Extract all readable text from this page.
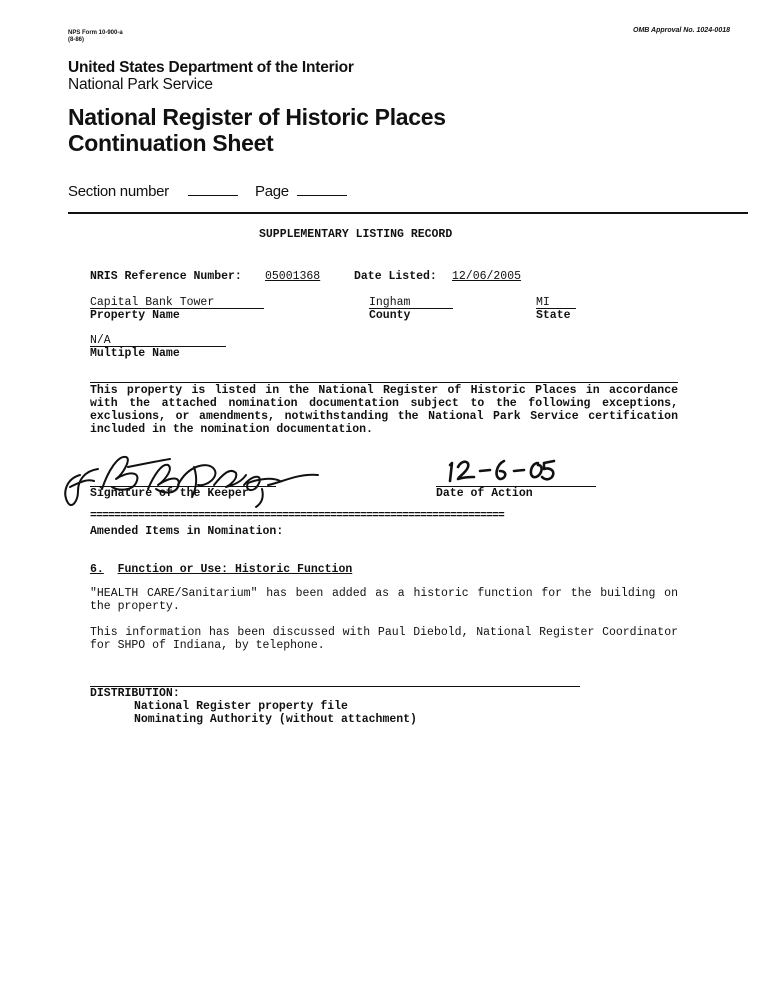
NPS Form 10-900-a
(8-86)
OMB Approval No. 1024-0018
United States Department of the Interior
National Park Service
National Register of Historic Places
Continuation Sheet
Section number	Page
SUPPLEMENTARY LISTING RECORD
NRIS Reference Number: 05001368	Date Listed: 12/06/2005
Capital Bank Tower
Property Name
Ingham
County
MI
State
N/A
Multiple Name
This property is listed in the National Register of Historic Places in accordance with the attached nomination documentation subject to the following exceptions, exclusions, or amendments, notwithstanding the National Park Service certification included in the nomination documentation.
Signature of the Keeper	Date of Action
=====================================================================
Amended Items in Nomination:
6. Function or Use: Historic Function
"HEALTH CARE/Sanitarium" has been added as a historic function for the building on the property.
This information has been discussed with Paul Diebold, National Register Coordinator for SHPO of Indiana, by telephone.
DISTRIBUTION:
National Register property file
Nominating Authority (without attachment)
